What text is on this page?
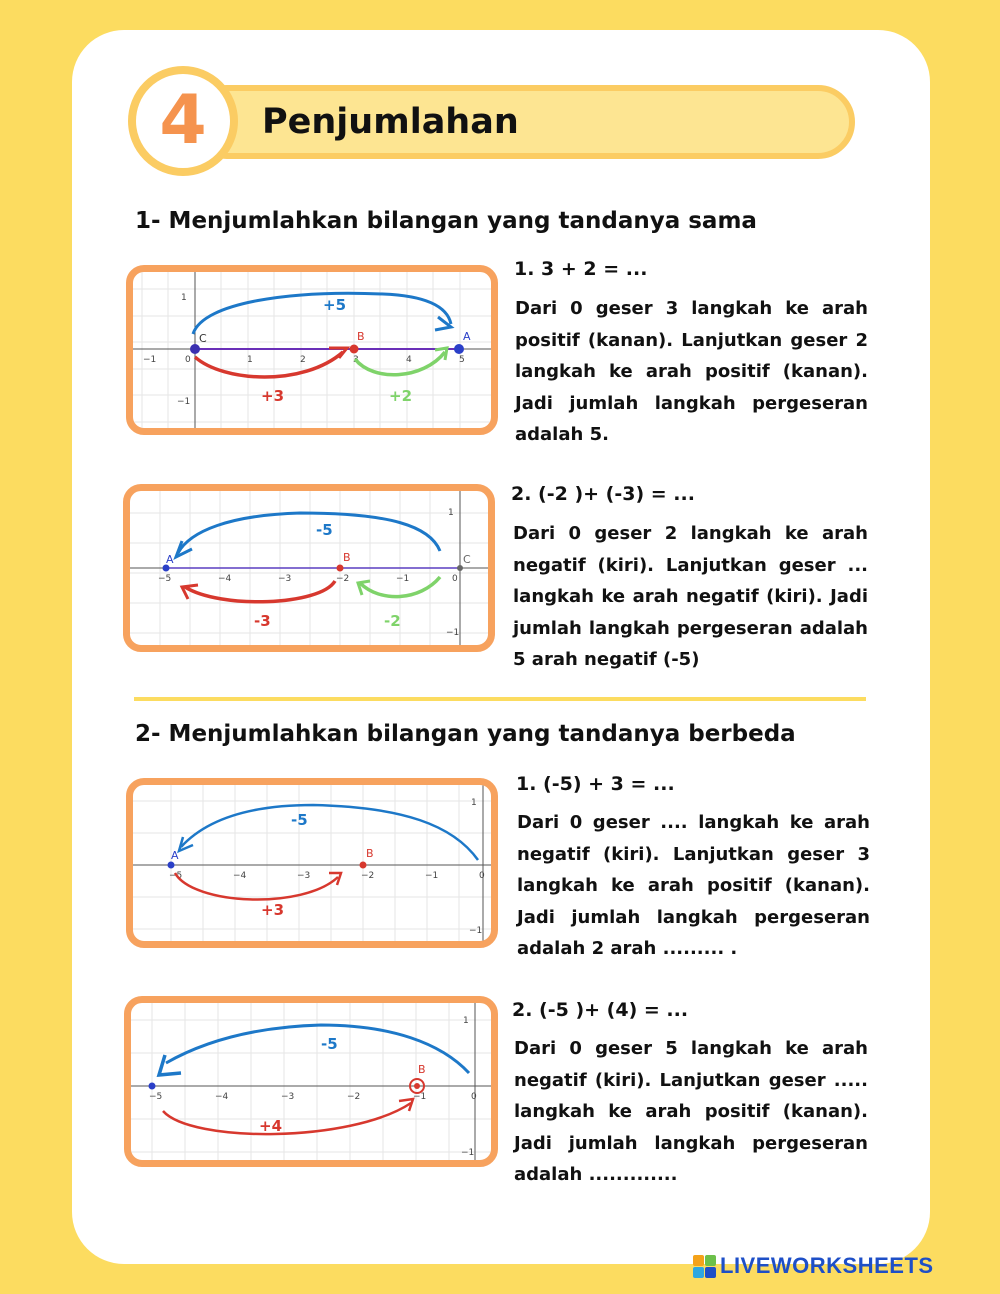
4 Penjumlahan
1- Menjumlahkan bilangan yang tandanya sama
−1	0	1	2	3	4	5
1
−1
+5
+3	+2
C	B	A
1. 3 + 2 = ...
Dari 0 geser 3 langkah ke arah positif (kanan). Lanjutkan geser 2 langkah ke arah positif (kanan). Jadi jumlah langkah pergeseran adalah 5.
−5	−4	−3	−2	−1	0
1
−1
-5
-2
-3
A	B	C
2. (-2 )+ (-3) = ...
Dari 0 geser 2 langkah ke arah negatif (kiri). Lanjutkan geser ... langkah ke arah negatif (kiri). Jadi jumlah langkah pergeseran adalah 5 arah negatif (-5)
2- Menjumlahkan bilangan yang tandanya berbeda
−5	−4	−3	−2	−1	0
1
−1
-5
+3
A	B
1. (-5) + 3 = ...
Dari 0 geser .... langkah ke arah negatif (kiri). Lanjutkan geser 3 langkah ke arah positif (kanan). Jadi jumlah langkah pergeseran adalah 2 arah ......... .
−5	−4	−3	−2	−1	0
1
−1
-5
+4
B
2. (-5 )+ (4) = ...
Dari 0 geser 5 langkah ke arah negatif (kiri). Lanjutkan geser ..... langkah ke arah positif (kanan). Jadi jumlah langkah pergeseran adalah .............
LIVEWORKSHEETS
